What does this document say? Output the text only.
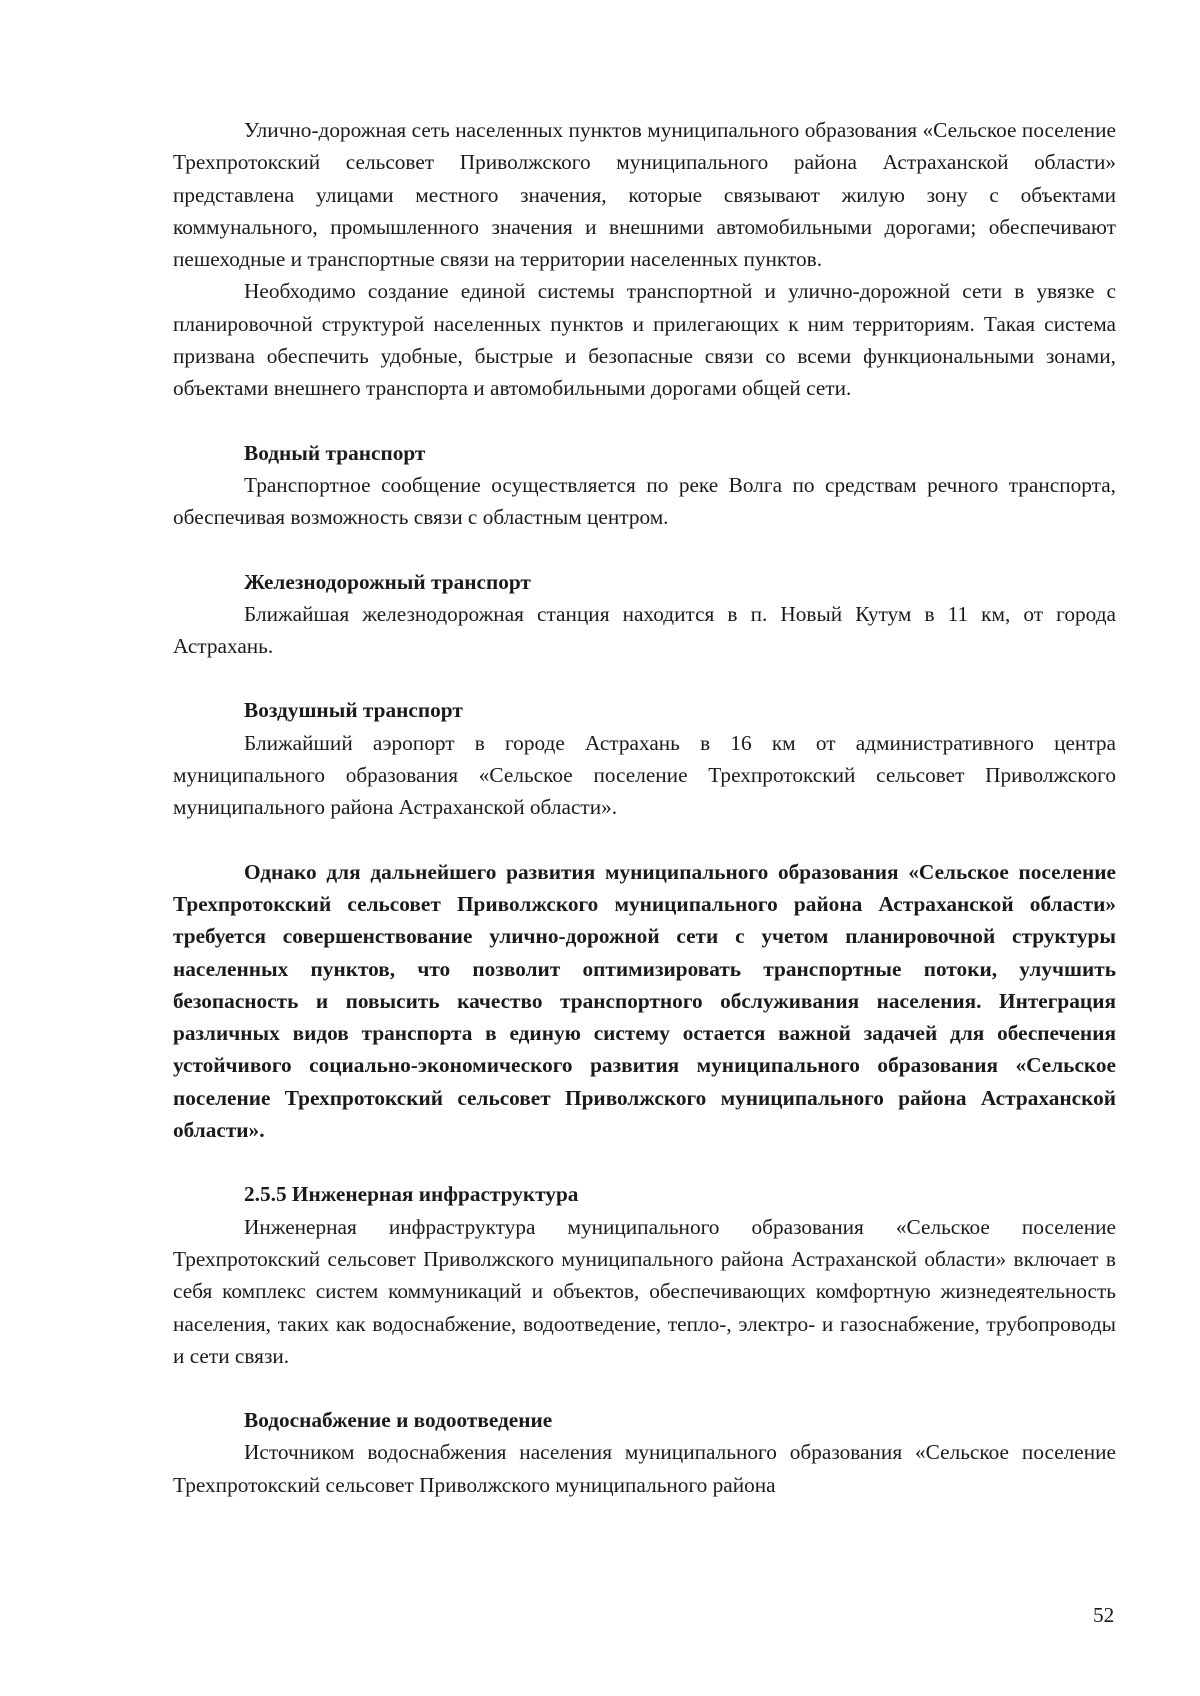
Улично-дорожная сеть населенных пунктов муниципального образования «Сельское поселение Трехпротокский сельсовет Приволжского муниципального района Астраханской области» представлена улицами местного значения, которые связывают жилую зону с объектами коммунального, промышленного значения и внешними автомобильными дорогами; обеспечивают пешеходные и транспортные связи на территории населенных пунктов.

Необходимо создание единой системы транспортной и улично-дорожной сети в увязке с планировочной структурой населенных пунктов и прилегающих к ним территориям. Такая система призвана обеспечить удобные, быстрые и безопасные связи со всеми функциональными зонами, объектами внешнего транспорта и автомобильными дорогами общей сети.

Водный транспорт

Транспортное сообщение осуществляется по реке Волга по средствам речного транспорта, обеспечивая возможность связи с областным центром.

Железнодорожный транспорт

Ближайшая железнодорожная станция находится в п. Новый Кутум в 11 км, от города Астрахань.

Воздушный транспорт

Ближайший аэропорт в городе Астрахань в 16 км от административного центра муниципального образования «Сельское поселение Трехпротокский сельсовет Приволжского муниципального района Астраханской области».

Однако для дальнейшего развития муниципального образования «Сельское поселение Трехпротокский сельсовет Приволжского муниципального района Астраханской области» требуется совершенствование улично-дорожной сети с учетом планировочной структуры населенных пунктов, что позволит оптимизировать транспортные потоки, улучшить безопасность и повысить качество транспортного обслуживания населения. Интеграция различных видов транспорта в единую систему остается важной задачей для обеспечения устойчивого социально-экономического развития муниципального образования «Сельское поселение Трехпротокский сельсовет Приволжского муниципального района Астраханской области».

2.5.5 Инженерная инфраструктура

Инженерная инфраструктура муниципального образования «Сельское поселение Трехпротокский сельсовет Приволжского муниципального района Астраханской области» включает в себя комплекс систем коммуникаций и объектов, обеспечивающих комфортную жизнедеятельность населения, таких как водоснабжение, водоотведение, тепло-, электро- и газоснабжение, трубопроводы и сети связи.

Водоснабжение и водоотведение

Источником водоснабжения населения муниципального образования «Сельское поселение Трехпротокский сельсовет Приволжского муниципального района

52
